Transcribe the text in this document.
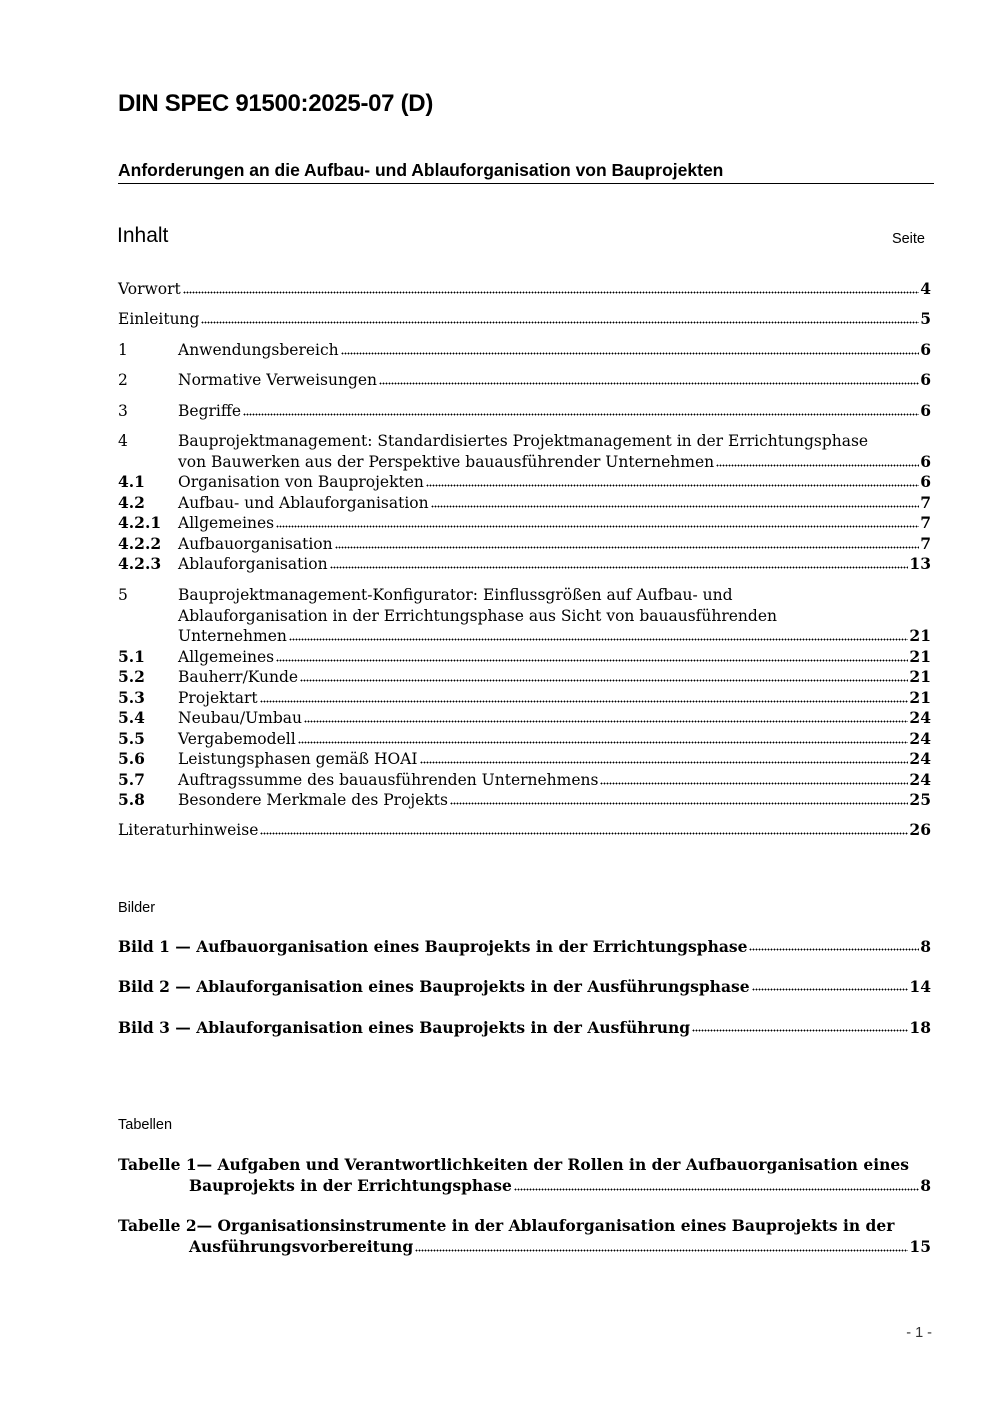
DIN SPEC 91500:2025-07 (D)
Anforderungen an die Aufbau- und Ablauforganisation von Bauprojekten
Inhalt	Seite
Vorwort	4
Einleitung	5
1	Anwendungsbereich	6
2	Normative Verweisungen	6
3	Begriffe	6
4	Bauprojektmanagement: Standardisiertes Projektmanagement in der Errichtungsphase
von Bauwerken aus der Perspektive bauausführender Unternehmen	6
4.1	Organisation von Bauprojekten	6
4.2	Aufbau- und Ablauforganisation	7
4.2.1	Allgemeines	7
4.2.2	Aufbauorganisation	7
4.2.3	Ablauforganisation	13
5	Bauprojektmanagement-Konfigurator: Einflussgrößen auf Aufbau- und
Ablauforganisation in der Errichtungsphase aus Sicht von bauausführenden
Unternehmen	21
5.1	Allgemeines	21
5.2	Bauherr/Kunde	21
5.3	Projektart	21
5.4	Neubau/Umbau	24
5.5	Vergabemodell	24
5.6	Leistungsphasen gemäß HOAI	24
5.7	Auftragssumme des bauausführenden Unternehmens	24
5.8	Besondere Merkmale des Projekts	25
Literaturhinweise	26
Bilder
Bild 1 — Aufbauorganisation eines Bauprojekts in der Errichtungsphase	8
Bild 2 — Ablauforganisation eines Bauprojekts in der Ausführungsphase	14
Bild 3 — Ablauforganisation eines Bauprojekts in der Ausführung	18
Tabellen
Tabelle 1 — Aufgaben und Verantwortlichkeiten der Rollen in der Aufbauorganisation eines
Bauprojekts in der Errichtungsphase	8
Tabelle 2 — Organisationsinstrumente in der Ablauforganisation eines Bauprojekts in der
Ausführungsvorbereitung	15
- 1 -
